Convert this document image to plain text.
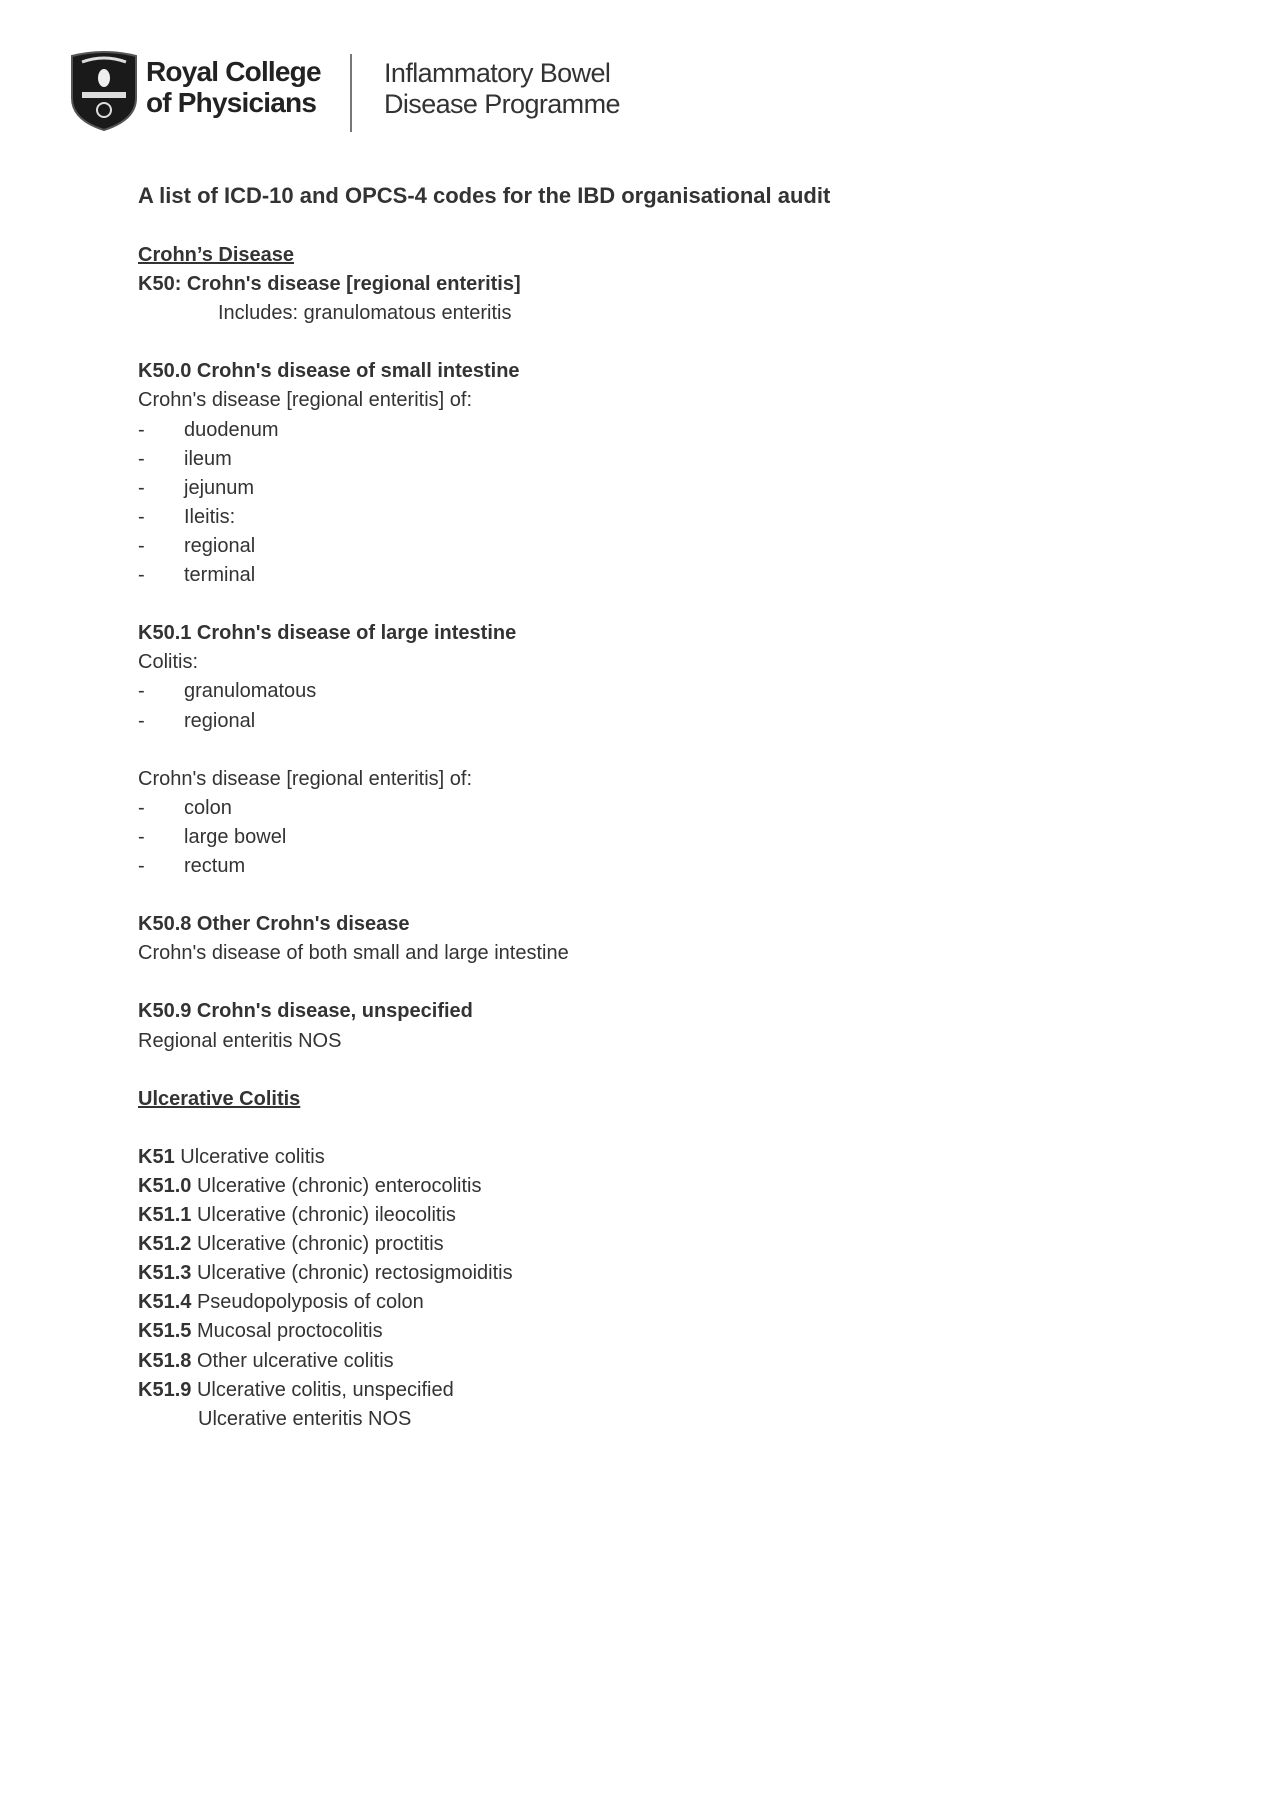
Royal College
of Physicians
Inflammatory Bowel
Disease Programme
A list of ICD-10 and OPCS-4 codes for the IBD organisational audit
Crohn’s Disease
K50: Crohn's disease [regional enteritis]
Includes: granulomatous enteritis
K50.0 Crohn's disease of small intestine
Crohn's disease [regional enteritis] of:
- duodenum
- ileum
- jejunum
- Ileitis:
- regional
- terminal
K50.1 Crohn's disease of large intestine
Colitis:
- granulomatous
- regional
Crohn's disease [regional enteritis] of:
- colon
- large bowel
- rectum
K50.8 Other Crohn's disease
Crohn's disease of both small and large intestine
K50.9 Crohn's disease, unspecified
Regional enteritis NOS
Ulcerative Colitis
K51 Ulcerative colitis
K51.0 Ulcerative (chronic) enterocolitis
K51.1 Ulcerative (chronic) ileocolitis
K51.2 Ulcerative (chronic) proctitis
K51.3 Ulcerative (chronic) rectosigmoiditis
K51.4 Pseudopolyposis of colon
K51.5 Mucosal proctocolitis
K51.8 Other ulcerative colitis
K51.9 Ulcerative colitis, unspecified
Ulcerative enteritis NOS
